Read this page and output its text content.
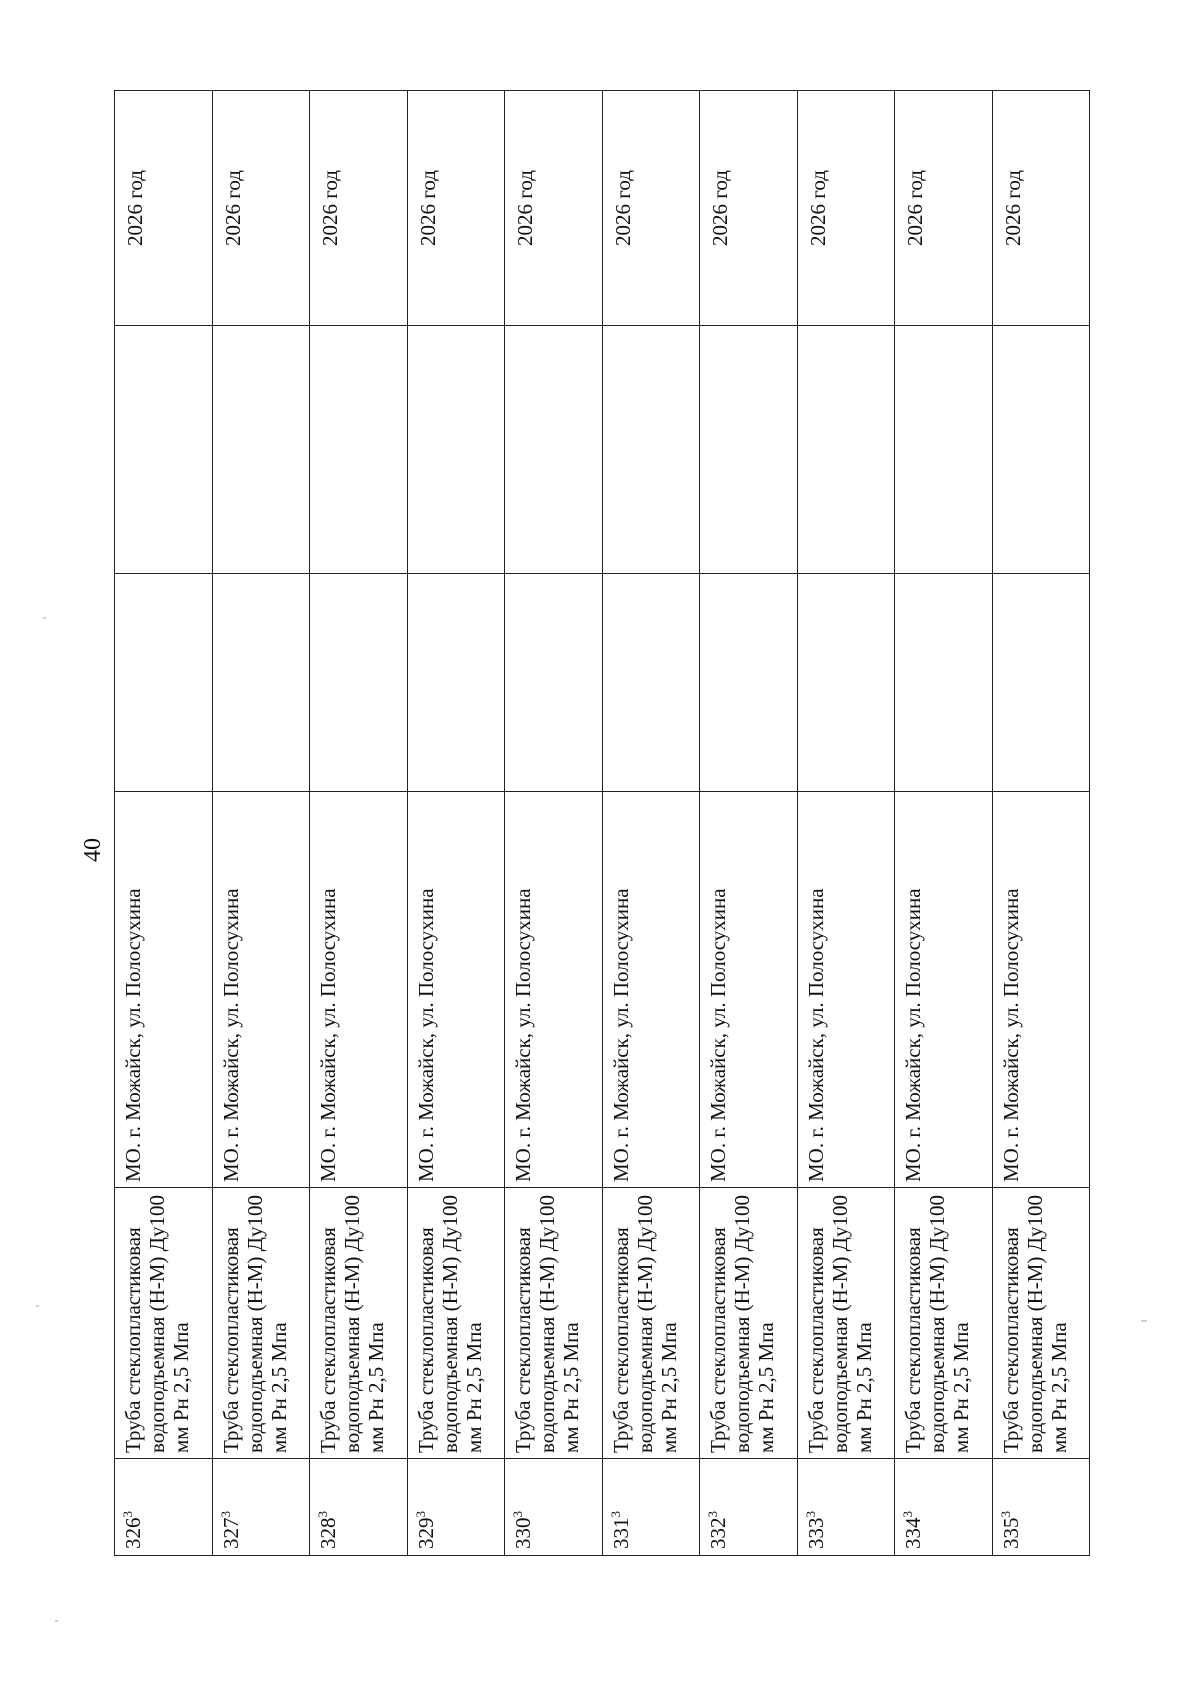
40
$326^3$	Труба стеклопластиковая водоподъемная (Н-М) Ду100 мм Рн 2,5 Мпа	МО. г. Можайск, ул. Полосухина			2026 год
$327^3$	Труба стеклопластиковая водоподъемная (Н-М) Ду100 мм Рн 2,5 Мпа	МО. г. Можайск, ул. Полосухина			2026 год
$328^3$	Труба стеклопластиковая водоподъемная (Н-М) Ду100 мм Рн 2,5 Мпа	МО. г. Можайск, ул. Полосухина			2026 год
$329^3$	Труба стеклопластиковая водоподъемная (Н-М) Ду100 мм Рн 2,5 Мпа	МО. г. Можайск, ул. Полосухина			2026 год
$330^3$	Труба стеклопластиковая водоподъемная (Н-М) Ду100 мм Рн 2,5 Мпа	МО. г. Можайск, ул. Полосухина			2026 год
$331^3$	Труба стеклопластиковая водоподъемная (Н-М) Ду100 мм Рн 2,5 Мпа	МО. г. Можайск, ул. Полосухина			2026 год
$332^3$	Труба стеклопластиковая водоподъемная (Н-М) Ду100 мм Рн 2,5 Мпа	МО. г. Можайск, ул. Полосухина			2026 год
$333^3$	Труба стеклопластиковая водоподъемная (Н-М) Ду100 мм Рн 2,5 Мпа	МО. г. Можайск, ул. Полосухина			2026 год
$334^3$	Труба стеклопластиковая водоподъемная (Н-М) Ду100 мм Рн 2,5 Мпа	МО. г. Можайск, ул. Полосухина			2026 год
$335^3$	Труба стеклопластиковая водоподъемная (Н-М) Ду100 мм Рн 2,5 Мпа	МО. г. Можайск, ул. Полосухина			2026 год
